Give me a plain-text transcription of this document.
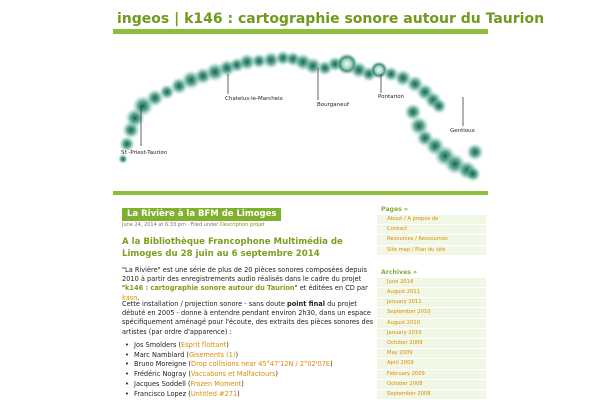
ingeos | k146 : cartographie sonore autour du Taurion
St -Priest-Taurion
Chatelus-le-Marcheix
Bourganeuf
Pontarion
Gentioux
La Rivière à la BFM de Limoges
June 24, 2014 at 6:33 pm · Filed under Description projet
A la Bibliothèque Francophone Multimédia de Limoges du 28 juin au 6 septembre 2014
"La Rivière" est une série de plus de 20 pièces sonores composées depuis 2010 à partir des enregistrements audio réalisés dans le cadre du projet "k146 : cartographie sonore autour du Taurion" et éditées en CD par kasn.
Cette installation / projection sonore - sans doute point final du projet débuté en 2005 - donne à entendre pendant environ 2h30, dans un espace spécifiquement aménagé pour l'écoute, des extraits des pièces sonores des artistes (par ordre d'apparence) :
• Jos Smolders (Esprit flottant)
• Marc Namblard (Gisements (1))
• Bruno Moreigne (Drop collisions near 45°47'12N / 2°02'07E)
• Frédéric Nogray (Vaccabons et Malfactours)
• Jacques Soddell (Frozen Moment)
• Francisco Lopez (Untitled #271)
Pages »
About / A propos de
Contact
Resources / Ressources
Site map / Plan du site
Archives »
June 2014
August 2011
January 2011
September 2010
August 2010
January 2010
October 2009
May 2009
April 2009
February 2009
October 2008
September 2008
